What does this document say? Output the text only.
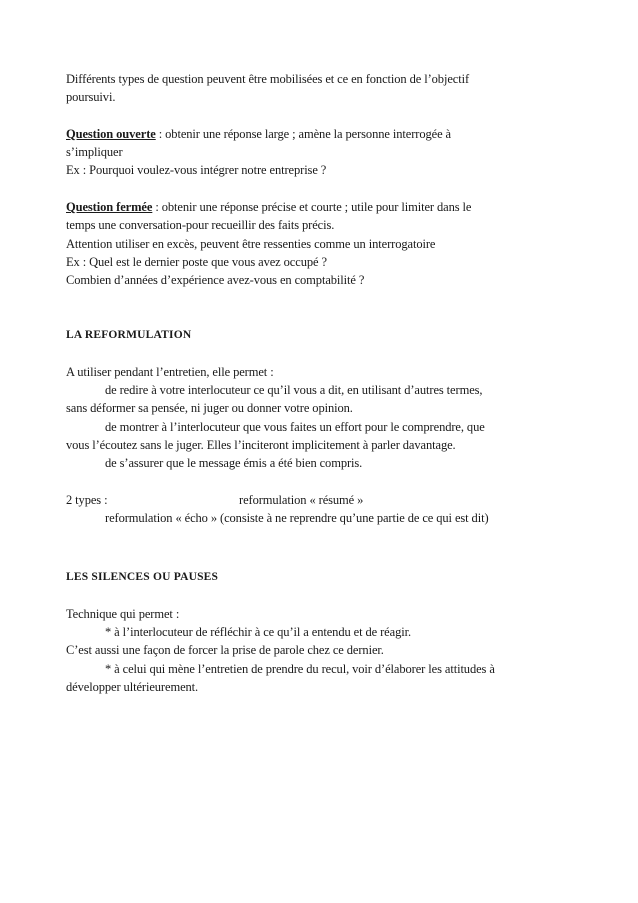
Différents types de question peuvent être mobilisées et ce en fonction de l’objectif
poursuivi.
Question ouverte : obtenir une réponse large ; amène la personne interrogée à
s’impliquer
Ex : Pourquoi voulez-vous intégrer notre entreprise ?
Question fermée : obtenir une réponse précise et courte ; utile pour limiter dans le
temps une conversation-pour recueillir des faits précis.
Attention utiliser en excès, peuvent être ressenties comme un interrogatoire
Ex : Quel est le dernier poste que vous avez occupé ?
Combien d’années d’expérience avez-vous en comptabilité ?
LA REFORMULATION
A utiliser pendant l’entretien, elle permet :
de redire à votre interlocuteur ce qu’il vous a dit, en utilisant d’autres termes,
sans déformer sa pensée, ni juger ou donner votre opinion.
de montrer à l’interlocuteur que vous faites un effort pour le comprendre, que
vous l’écoutez sans le juger. Elles l’inciteront implicitement à parler davantage.
de s’assurer que le message émis a été bien compris.
2 types :	reformulation « résumé »
reformulation « écho » (consiste à ne reprendre qu’une partie de ce qui est dit)
LES SILENCES OU PAUSES
Technique qui permet :
* à l’interlocuteur de réfléchir à ce qu’il a entendu et de réagir.
C’est aussi une façon de forcer la prise de parole chez ce dernier.
* à celui qui mène l’entretien de prendre du recul, voir d’élaborer les attitudes à
développer ultérieurement.
